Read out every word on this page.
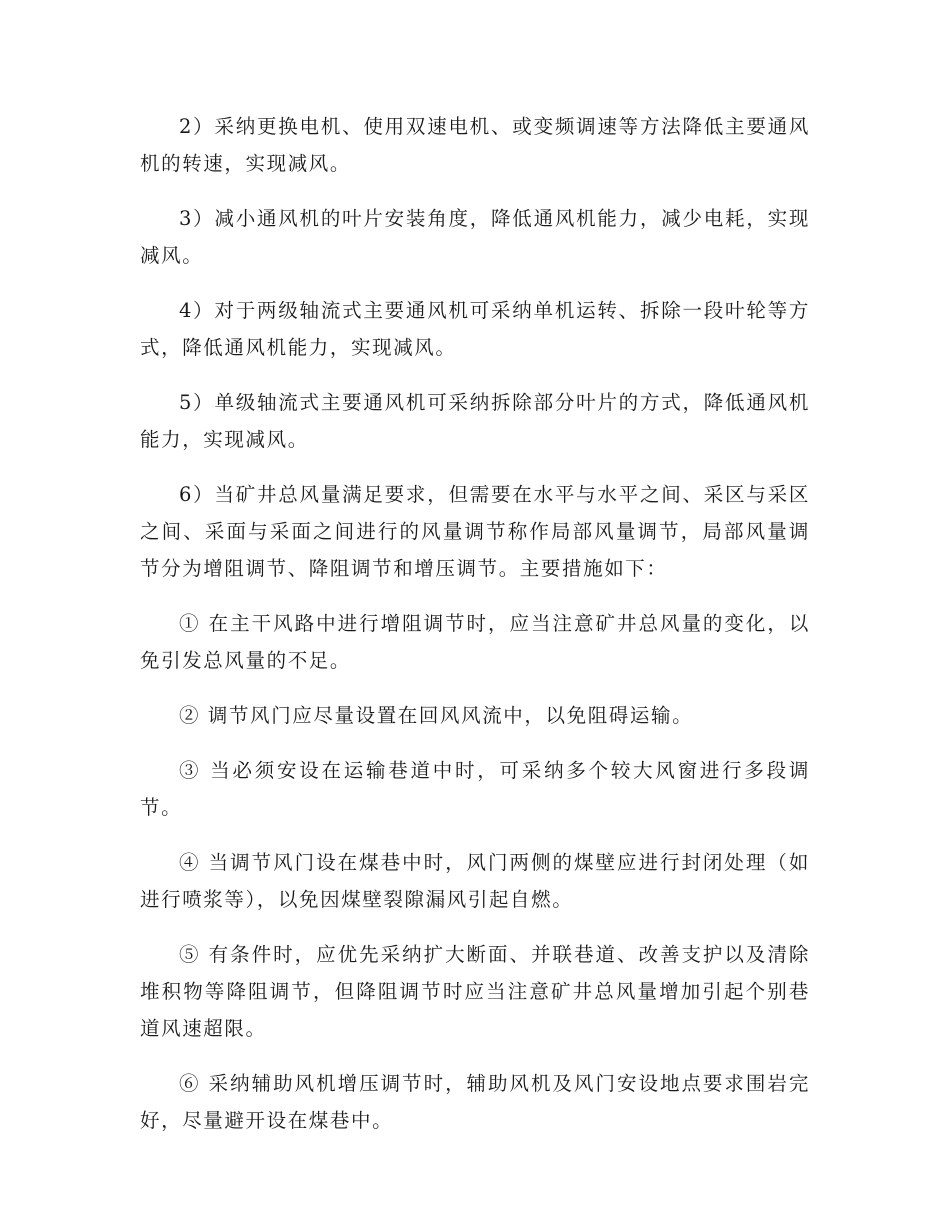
2）采纳更换电机、使用双速电机、或变频调速等方法降低主要通风机的转速，实现减风。

3）减小通风机的叶片安装角度，降低通风机能力，减少电耗，实现减风。

4）对于两级轴流式主要通风机可采纳单机运转、拆除一段叶轮等方式，降低通风机能力，实现减风。

5）单级轴流式主要通风机可采纳拆除部分叶片的方式，降低通风机能力，实现减风。

6）当矿井总风量满足要求，但需要在水平与水平之间、采区与采区之间、采面与采面之间进行的风量调节称作局部风量调节，局部风量调节分为增阻调节、降阻调节和增压调节。主要措施如下：

① 在主干风路中进行增阻调节时，应当注意矿井总风量的变化，以免引发总风量的不足。

② 调节风门应尽量设置在回风风流中，以免阻碍运输。

③ 当必须安设在运输巷道中时，可采纳多个较大风窗进行多段调节。

④ 当调节风门设在煤巷中时，风门两侧的煤壁应进行封闭处理（如进行喷浆等），以免因煤壁裂隙漏风引起自燃。

⑤ 有条件时，应优先采纳扩大断面、并联巷道、改善支护以及清除堆积物等降阻调节，但降阻调节时应当注意矿井总风量增加引起个别巷道风速超限。

⑥ 采纳辅助风机增压调节时，辅助风机及风门安设地点要求围岩完好，尽量避开设在煤巷中。
